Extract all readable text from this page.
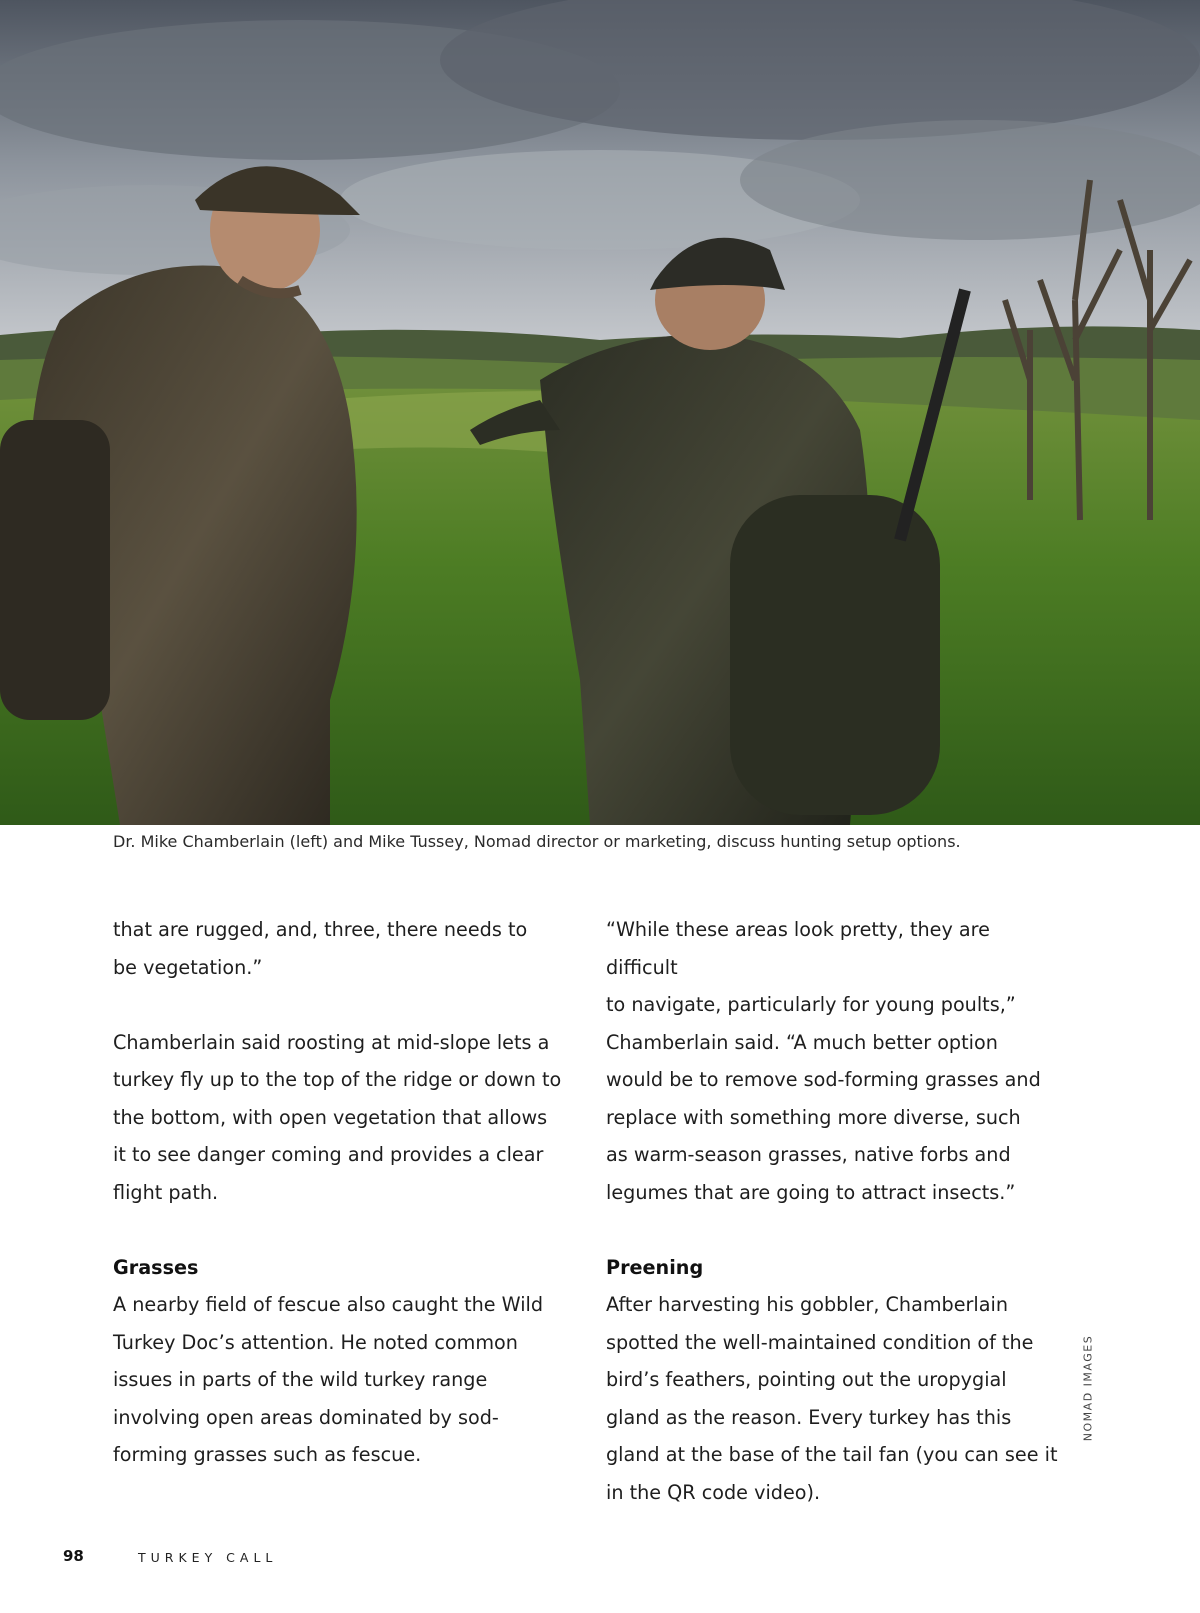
Dr. Mike Chamberlain (left) and Mike Tussey, Nomad director or marketing, discuss hunting setup options.

that are rugged, and, three, there needs to

be vegetation.”

Chamberlain said roosting at mid-slope lets a

turkey fly up to the top of the ridge or down to

the bottom, with open vegetation that allows

it to see danger coming and provides a clear

flight path.

Grasses

A nearby field of fescue also caught the Wild

Turkey Doc’s attention. He noted common

issues in parts of the wild turkey range

involving open areas dominated by sod-

forming grasses such as fescue.

“While these areas look pretty, they are difficult

to navigate, particularly for young poults,”

Chamberlain said. “A much better option

would be to remove sod-forming grasses and

replace with something more diverse, such

as warm-season grasses, native forbs and

legumes that are going to attract insects.”

Preening

After harvesting his gobbler, Chamberlain

spotted the well-maintained condition of the

bird’s feathers, pointing out the uropygial

gland as the reason. Every turkey has this

gland at the base of the tail fan (you can see it

in the QR code video).

NOMAD IMAGES
98	TURKEY CALL
